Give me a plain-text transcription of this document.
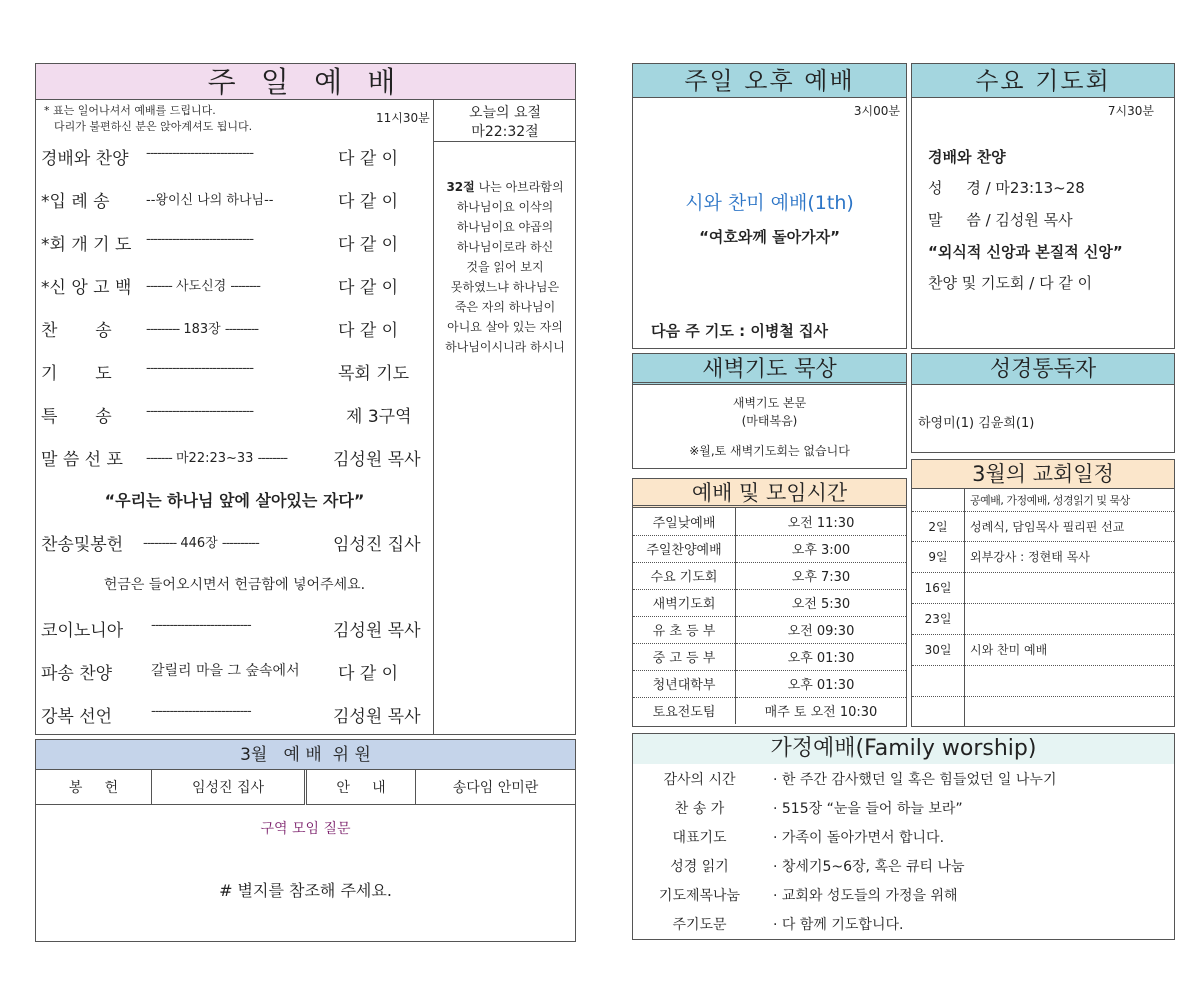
주 일 예 배
* 표는 일어나셔서 예배를 드립니다.
다리가 불편하신 분은 앉아계셔도 됩니다.
11시30분	오늘의 요절
마22:32절
32절 나는 아브라함의
하나님이요 이삭의
하나님이요 야곱의
하나님이로라 하신
것을 읽어 보지
못하였느냐 하나님은
죽은 자의 하나님이
아니요 살아 있는 자의
하나님이시니라 하시니
경배와 찬양 -----------------------------	다 같 이
*입 례 송	--왕이신 나의 하나님--	다 같 이
*회 개 기 도 -----------------------------	다 같 이
*신 앙 고 백 ------- 사도신경 --------	다 같 이
찬       송	--------- 183장 ---------	다 같 이
기       도	-----------------------------	목회 기도
특       송	-----------------------------	제 3구역
말 씀 선 포 ------- 마22:23~33 --------	김성원 목사
“우리는 하나님 앞에 살아있는 자다”
찬송및봉헌 --------- 446장 ----------	임성진 집사
헌금은 들어오시면서 헌금함에 넣어주세요.
코이노니아 ---------------------------	김성원 목사
파송 찬양	갈릴리 마을 그 숲속에서 다 같 이
강복 선언	---------------------------	김성원 목사
3월   예 배  위 원
봉     헌	임성진 집사	안     내	송다임 안미란
구역 모임 질문
# 별지를 참조해 주세요.
주일 오후 예배
3시00분
시와 찬미 예배(1th)
“여호와께 돌아가자”
다음 주 기도 : 이병철 집사
수요 기도회
7시30분
경배와 찬양
성     경 / 마23:13~28
말     씀 / 김성원 목사
“외식적 신앙과 본질적 신앙”
찬양 및 기도회 / 다 같 이
새벽기도 묵상
새벽기도 본문
(마태복음)
※월,토 새벽기도회는 없습니다
성경통독자
하영미(1) 김윤희(1)
예배 및 모임시간
주일낮예배	오전 11:30
주일찬양예배	오후 3:00
수요 기도회	오후 7:30
새벽기도회	오전 5:30
유 초 등 부	오전 09:30
중 고 등 부	오후 01:30
청년대학부	오후 01:30
토요전도팀	매주 토 오전 10:30
3월의 교회일정
	공예배, 가정예배, 성경읽기 및 묵상
2일	성례식, 담임목사 필리핀 선교
9일	외부강사 : 정현태 목사
16일	
23일	
30일	시와 찬미 예배

가정예배(Family worship)
감사의 시간	· 한 주간 감사했던 일 혹은 힘들었던 일 나누기
찬 송 가	· 515장 “눈을 들어 하늘 보라”
대표기도	· 가족이 돌아가면서 합니다.
성경 읽기	· 창세기5~6장, 혹은 큐티 나눔
기도제목나눔	· 교회와 성도들의 가정을 위해
주기도문	· 다 함께 기도합니다.
